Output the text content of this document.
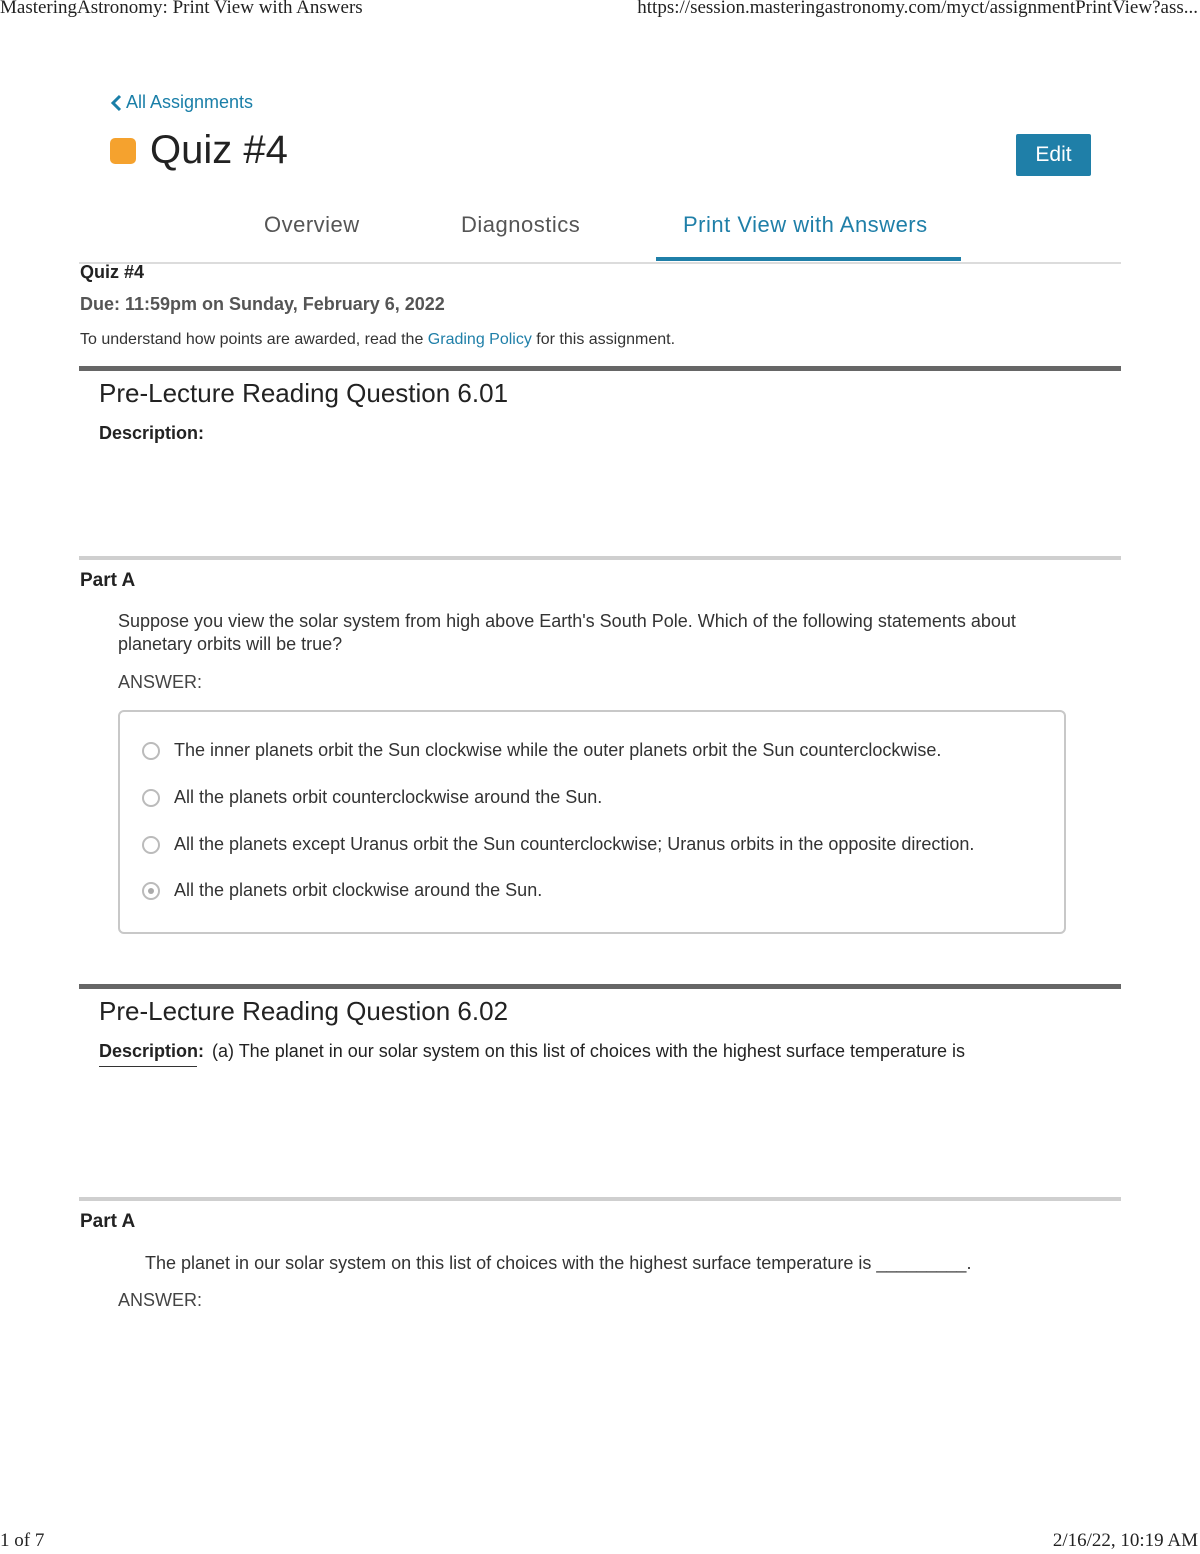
MasteringAstronomy: Print View with Answers	https://session.masteringastronomy.com/myct/assignmentPrintView?ass...
All Assignments
Quiz #4	Edit
Overview	Diagnostics	Print View with Answers
Quiz #4
Due: 11:59pm on Sunday, February 6, 2022
To understand how points are awarded, read the Grading Policy for this assignment.
Pre-Lecture Reading Question 6.01
Description:
Part A
Suppose you view the solar system from high above Earth's South Pole. Which of the following statements about planetary orbits will be true?
ANSWER:
The inner planets orbit the Sun clockwise while the outer planets orbit the Sun counterclockwise.
All the planets orbit counterclockwise around the Sun.
All the planets except Uranus orbit the Sun counterclockwise; Uranus orbits in the opposite direction.
All the planets orbit clockwise around the Sun.
Pre-Lecture Reading Question 6.02
Description: (a) The planet in our solar system on this list of choices with the highest surface temperature is
Part A
The planet in our solar system on this list of choices with the highest surface temperature is _________.
ANSWER:
1 of 7	2/16/22, 10:19 AM
